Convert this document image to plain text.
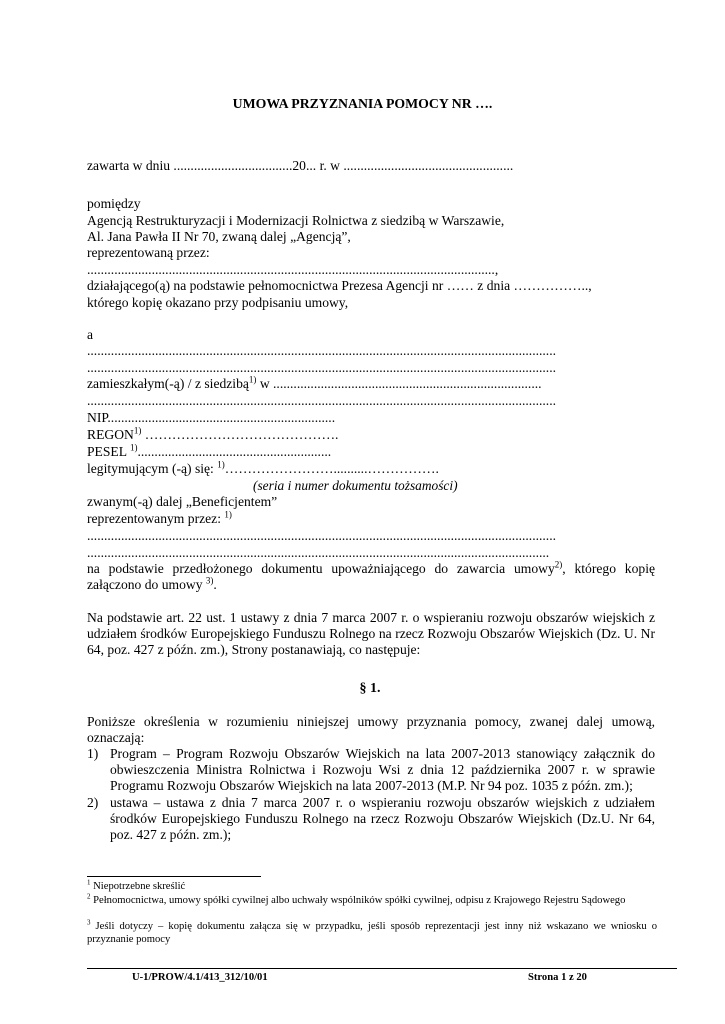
UMOWA PRZYZNANIA POMOCY NR ….
zawarta w dniu ...................................20... r. w ..................................................
pomiędzy
Agencją Restrukturyzacji i Modernizacji Rolnictwa z siedzibą w Warszawie,
Al. Jana Pawła II Nr 70, zwaną dalej „Agencją”,
reprezentowaną przez:
........................................................................................................................,
działającego(ą) na podstawie pełnomocnictwa Prezesa Agencji nr …… z dnia ……………..,
którego kopię okazano przy podpisaniu umowy,
a
..........................................................................................................................................
..........................................................................................................................................
zamieszkałym(-ą) / z siedzibą$^{1)}$ w ...............................................................................
..........................................................................................................................................
NIP...................................................................
REGON$^{1)}$ …………………………………….
PESEL $^{1)}$.........................................................
legitymującym (-ą) się: $^{1)}$……………………..........…………….
(seria i numer dokumentu tożsamości)
zwanym(-ą) dalej „Beneficjentem”
reprezentowanym przez: $^{1)}$
..........................................................................................................................................
........................................................................................................................................
na podstawie przedłożonego dokumentu upoważniającego do zawarcia umowy$^{2)}$, którego kopię załączono do umowy $^{3)}$.
Na podstawie art. 22 ust. 1 ustawy z dnia 7 marca 2007 r. o wspieraniu rozwoju obszarów wiejskich z udziałem środków Europejskiego Funduszu Rolnego na rzecz Rozwoju Obszarów Wiejskich (Dz. U. Nr 64, poz. 427 z późn. zm.), Strony postanawiają, co następuje:
§ 1.
Poniższe określenia w rozumieniu niniejszej umowy przyznania pomocy, zwanej dalej umową, oznaczają:
1) Program – Program Rozwoju Obszarów Wiejskich na lata 2007-2013 stanowiący załącznik do obwieszczenia Ministra Rolnictwa i Rozwoju Wsi z dnia 12 października 2007 r. w sprawie Programu Rozwoju Obszarów Wiejskich na lata 2007-2013 (M.P. Nr 94 poz. 1035 z późn. zm.);
2) ustawa – ustawa z dnia 7 marca 2007 r. o wspieraniu rozwoju obszarów wiejskich z udziałem środków Europejskiego Funduszu Rolnego na rzecz Rozwoju Obszarów Wiejskich (Dz.U. Nr 64, poz. 427 z późn. zm.);
$^1$ Niepotrzebne skreślić
$^2$ Pełnomocnictwa, umowy spółki cywilnej albo uchwały wspólników spółki cywilnej, odpisu z Krajowego Rejestru Sądowego
$^3$ Jeśli dotyczy – kopię dokumentu załącza się w przypadku, jeśli sposób reprezentacji jest inny niż wskazano we wniosku o przyznanie pomocy
U-1/PROW/4.1/413_312/10/01	Strona 1 z 20
